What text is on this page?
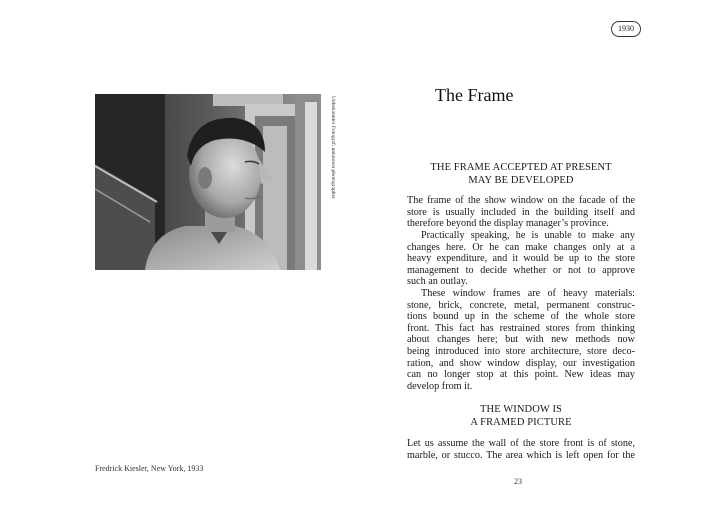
Unbekannter Fotograf; unknown photographer
Fredrick Kiesler, New York, 1933
1930
The Frame
THE FRAME ACCEPTED AT PRESENT
MAY BE DEVELOPED
The frame of the show window on the facade of the
store is usually included in the building itself and
therefore beyond the display manager’s province.
Practically speaking, he is unable to make any
changes here. Or he can make changes only at a
heavy expenditure, and it would be up to the store
management to decide whether or not to approve
such an outlay.
These window frames are of heavy materials:
stone, brick, concrete, metal, permanent construc-
tions bound up in the scheme of the whole store
front. This fact has restrained stores from thinking
about changes here; but with new methods now
being introduced into store architecture, store deco-
ration, and show window display, our investigation
can no longer stop at this point. New ideas may
develop from it.
THE WINDOW IS
A FRAMED PICTURE
Let us assume the wall of the store front is of stone,
marble, or stucco. The area which is left open for the
23
